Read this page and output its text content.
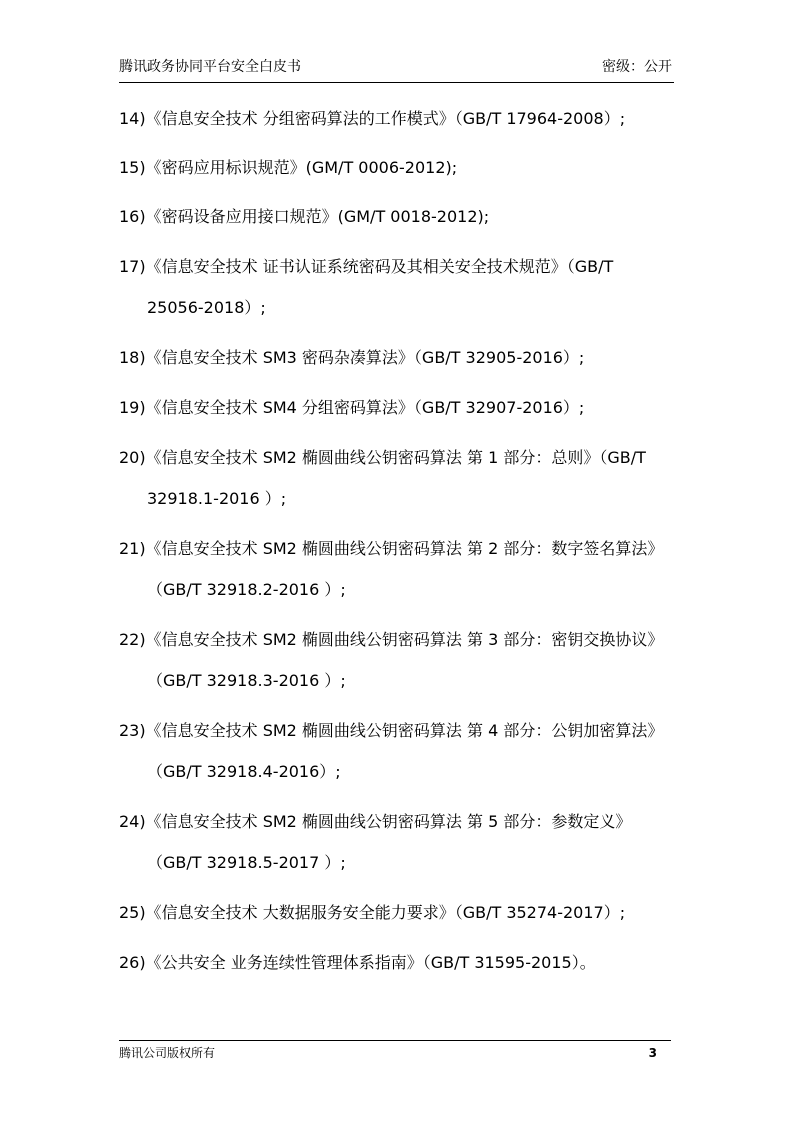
腾讯政务协同平台安全白皮书	密级：公开
14)《信息安全技术 分组密码算法的工作模式》（GB/T 17964-2008）;
15)《密码应用标识规范》(GM/T 0006-2012);
16)《密码设备应用接口规范》(GM/T 0018-2012);
17)《信息安全技术 证书认证系统密码及其相关安全技术规范》（GB/T
25056-2018）;
18)《信息安全技术 SM3 密码杂凑算法》（GB/T 32905-2016）;
19)《信息安全技术 SM4 分组密码算法》（GB/T 32907-2016）;
20)《信息安全技术 SM2 椭圆曲线公钥密码算法 第 1 部分：总则》（GB/T
32918.1-2016 ）;
21)《信息安全技术 SM2 椭圆曲线公钥密码算法 第 2 部分：数字签名算法》
（GB/T 32918.2-2016 ）;
22)《信息安全技术 SM2 椭圆曲线公钥密码算法 第 3 部分：密钥交换协议》
（GB/T 32918.3-2016 ）;
23)《信息安全技术 SM2 椭圆曲线公钥密码算法 第 4 部分：公钥加密算法》
（GB/T 32918.4-2016）;
24)《信息安全技术 SM2 椭圆曲线公钥密码算法 第 5 部分：参数定义》
（GB/T 32918.5-2017 ）;
25)《信息安全技术 大数据服务安全能力要求》（GB/T 35274-2017）;
26)《公共安全 业务连续性管理体系指南》（GB/T 31595-2015）。
腾讯公司版权所有	3
